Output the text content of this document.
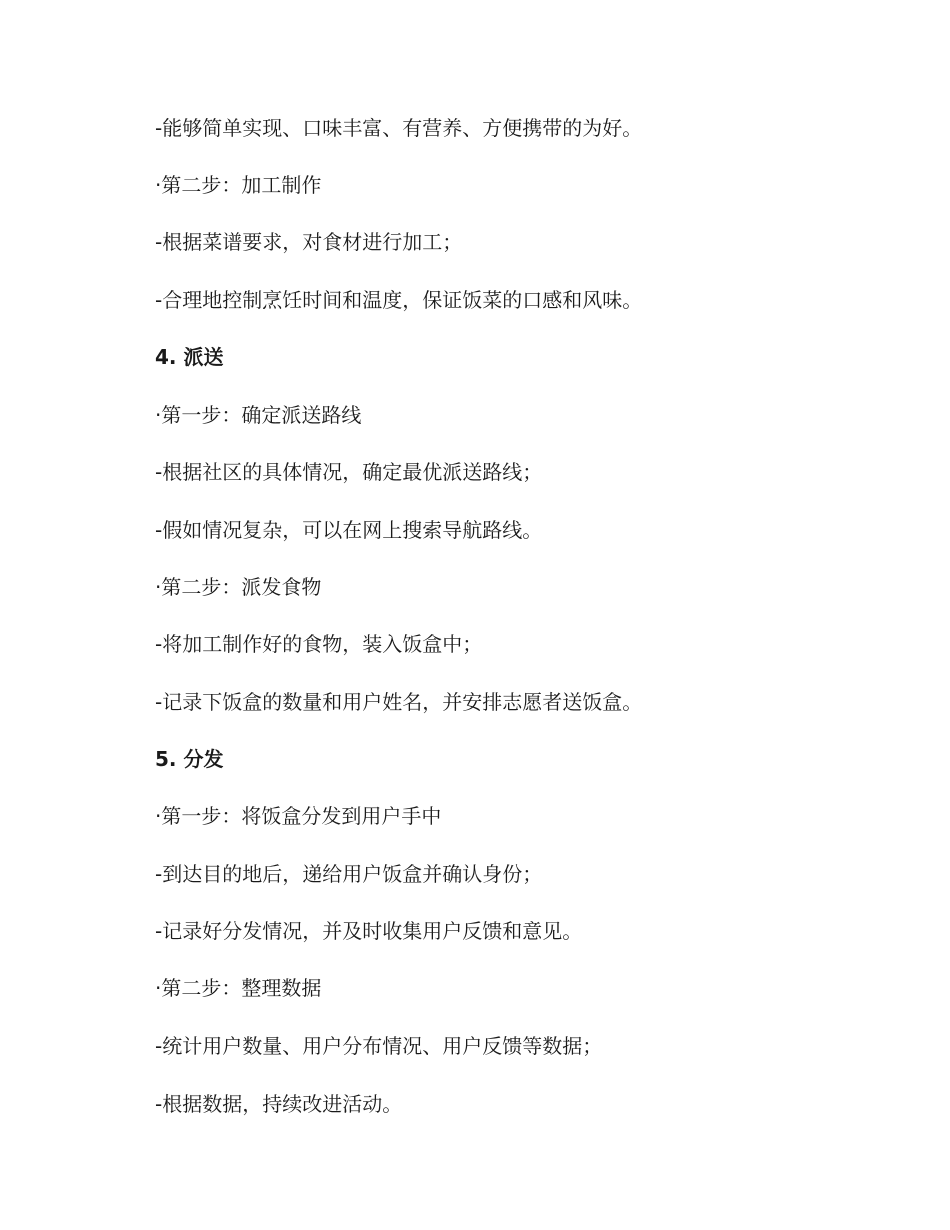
-能够简单实现、口味丰富、有营养、方便携带的为好。
·第二步：加工制作
-根据菜谱要求，对食材进行加工；
-合理地控制烹饪时间和温度，保证饭菜的口感和风味。
4. 派送
·第一步：确定派送路线
-根据社区的具体情况，确定最优派送路线；
-假如情况复杂，可以在网上搜索导航路线。
·第二步：派发食物
-将加工制作好的食物，装入饭盒中；
-记录下饭盒的数量和用户姓名，并安排志愿者送饭盒。
5. 分发
·第一步：将饭盒分发到用户手中
-到达目的地后，递给用户饭盒并确认身份；
-记录好分发情况，并及时收集用户反馈和意见。
·第二步：整理数据
-统计用户数量、用户分布情况、用户反馈等数据；
-根据数据，持续改进活动。
